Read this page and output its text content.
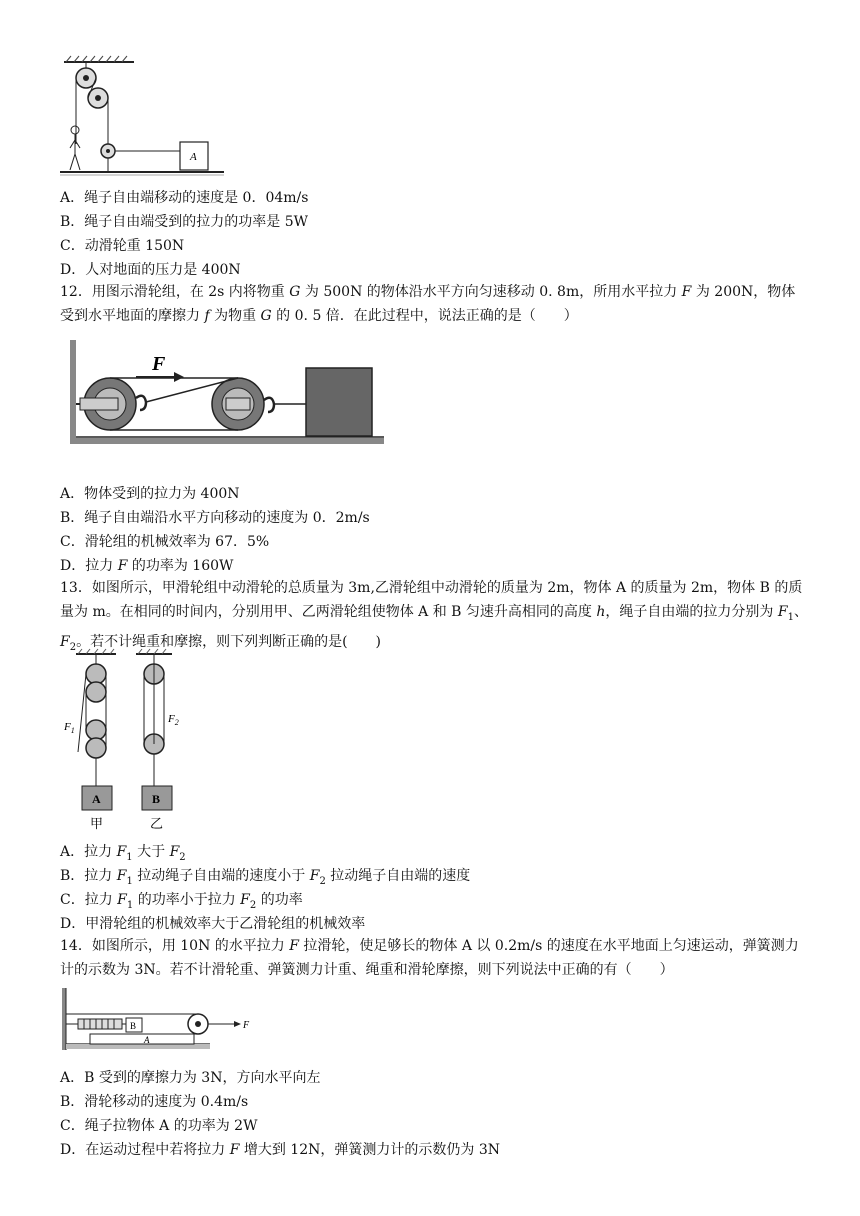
A
A．绳子自由端移动的速度是 0．04m/s
B．绳子自由端受到的拉力的功率是 5W
C．动滑轮重 150N
D．人对地面的压力是 400N
12．用图示滑轮组，在 2s 内将物重 G 为 500N 的物体沿水平方向匀速移动 0. 8m，所用水平拉力 F 为 200N，物体受到水平地面的摩擦力 f 为物重 G 的 0. 5 倍．在此过程中，说法正确的是（　　）
F
A．物体受到的拉力为 400N
B．绳子自由端沿水平方向移动的速度为 0．2m/s
C．滑轮组的机械效率为 67．5%
D．拉力 F 的功率为 160W
13．如图所示，甲滑轮组中动滑轮的总质量为 3m,乙滑轮组中动滑轮的质量为 2m，物体 A 的质量为 2m，物体 B 的质量为 m。在相同的时间内，分别用甲、乙两滑轮组使物体 A 和 B 匀速升高相同的高度 h，绳子自由端的拉力分别为 $F_1$、$F_2$。若不计绳重和摩擦，则下列判断正确的是(　　)
A
$F_1$
甲
B
$F_2$
乙
A．拉力 $F_1$ 大于 $F_2$
B．拉力 $F_1$ 拉动绳子自由端的速度小于 $F_2$ 拉动绳子自由端的速度
C．拉力 $F_1$ 的功率小于拉力 $F_2$ 的功率
D．甲滑轮组的机械效率大于乙滑轮组的机械效率
14．如图所示，用 10N 的水平拉力 F 拉滑轮，使足够长的物体 A 以 0.2m/s 的速度在水平地面上匀速运动，弹簧测力计的示数为 3N。若不计滑轮重、弹簧测力计重、绳重和滑轮摩擦，则下列说法中正确的有（　　）
A
B	F
A．B 受到的摩擦力为 3N，方向水平向左
B．滑轮移动的速度为 0.4m/s
C．绳子拉物体 A 的功率为 2W
D．在运动过程中若将拉力 F 增大到 12N，弹簧测力计的示数仍为 3N
